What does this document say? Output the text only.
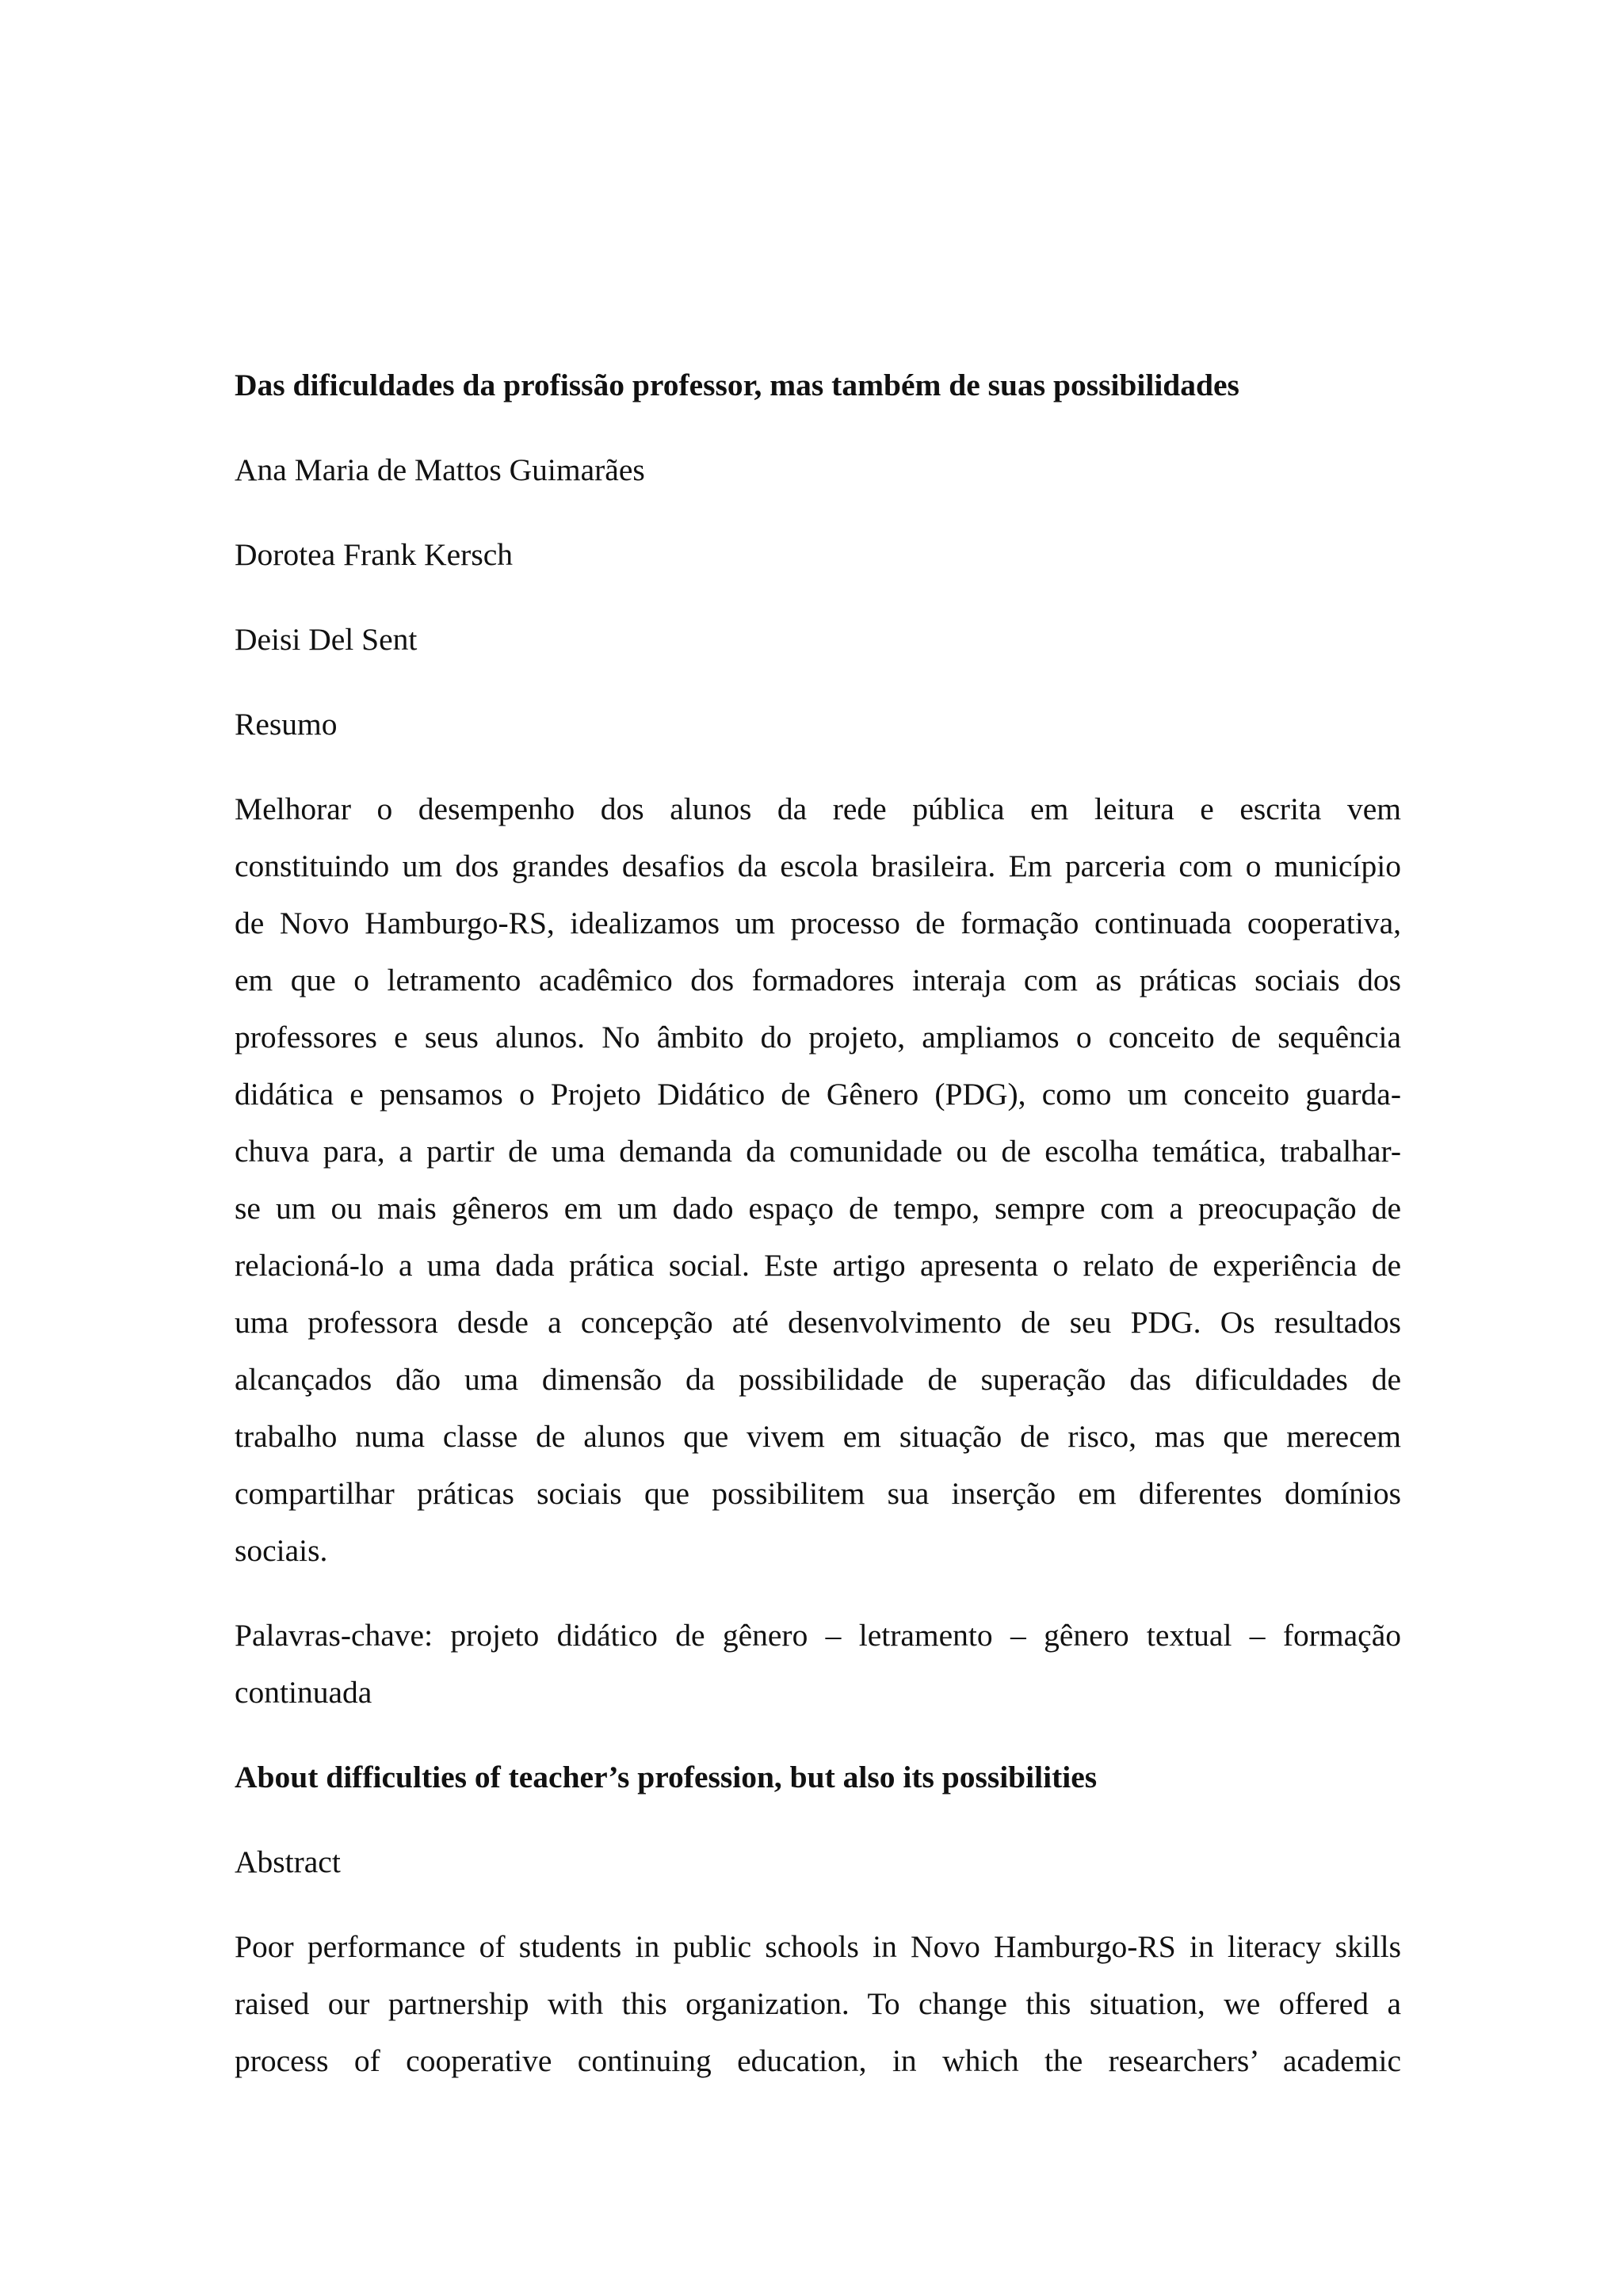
Das dificuldades da profissão professor, mas também de suas possibilidades

Ana Maria de Mattos Guimarães

Dorotea Frank Kersch

Deisi Del Sent

Resumo

Melhorar o desempenho dos alunos da rede pública em leitura e escrita vem
constituindo um dos grandes desafios da escola brasileira. Em parceria com o município
de Novo Hamburgo-RS, idealizamos um processo de formação continuada cooperativa,
em que o letramento acadêmico dos formadores interaja com as práticas sociais dos
professores e seus alunos. No âmbito do projeto, ampliamos o conceito de sequência
didática e pensamos o Projeto Didático de Gênero (PDG), como um conceito guarda-
chuva para, a partir de uma demanda da comunidade ou de escolha temática, trabalhar-
se um ou mais gêneros em um dado espaço de tempo, sempre com a preocupação de
relacioná-lo a uma dada prática social. Este artigo apresenta o relato de experiência de
uma professora desde a concepção até desenvolvimento de seu PDG. Os resultados
alcançados dão uma dimensão da possibilidade de superação das dificuldades de
trabalho numa classe de alunos que vivem em situação de risco, mas que merecem
compartilhar práticas sociais que possibilitem sua inserção em diferentes domínios
sociais.
Palavras-chave: projeto didático de gênero – letramento – gênero textual – formação
continuada

About difficulties of teacher’s profession, but also its possibilities

Abstract

Poor performance of students in public schools in Novo Hamburgo-RS in literacy skills
raised our partnership with this organization. To change this situation, we offered a
process of cooperative continuing education, in which the researchers’ academic
